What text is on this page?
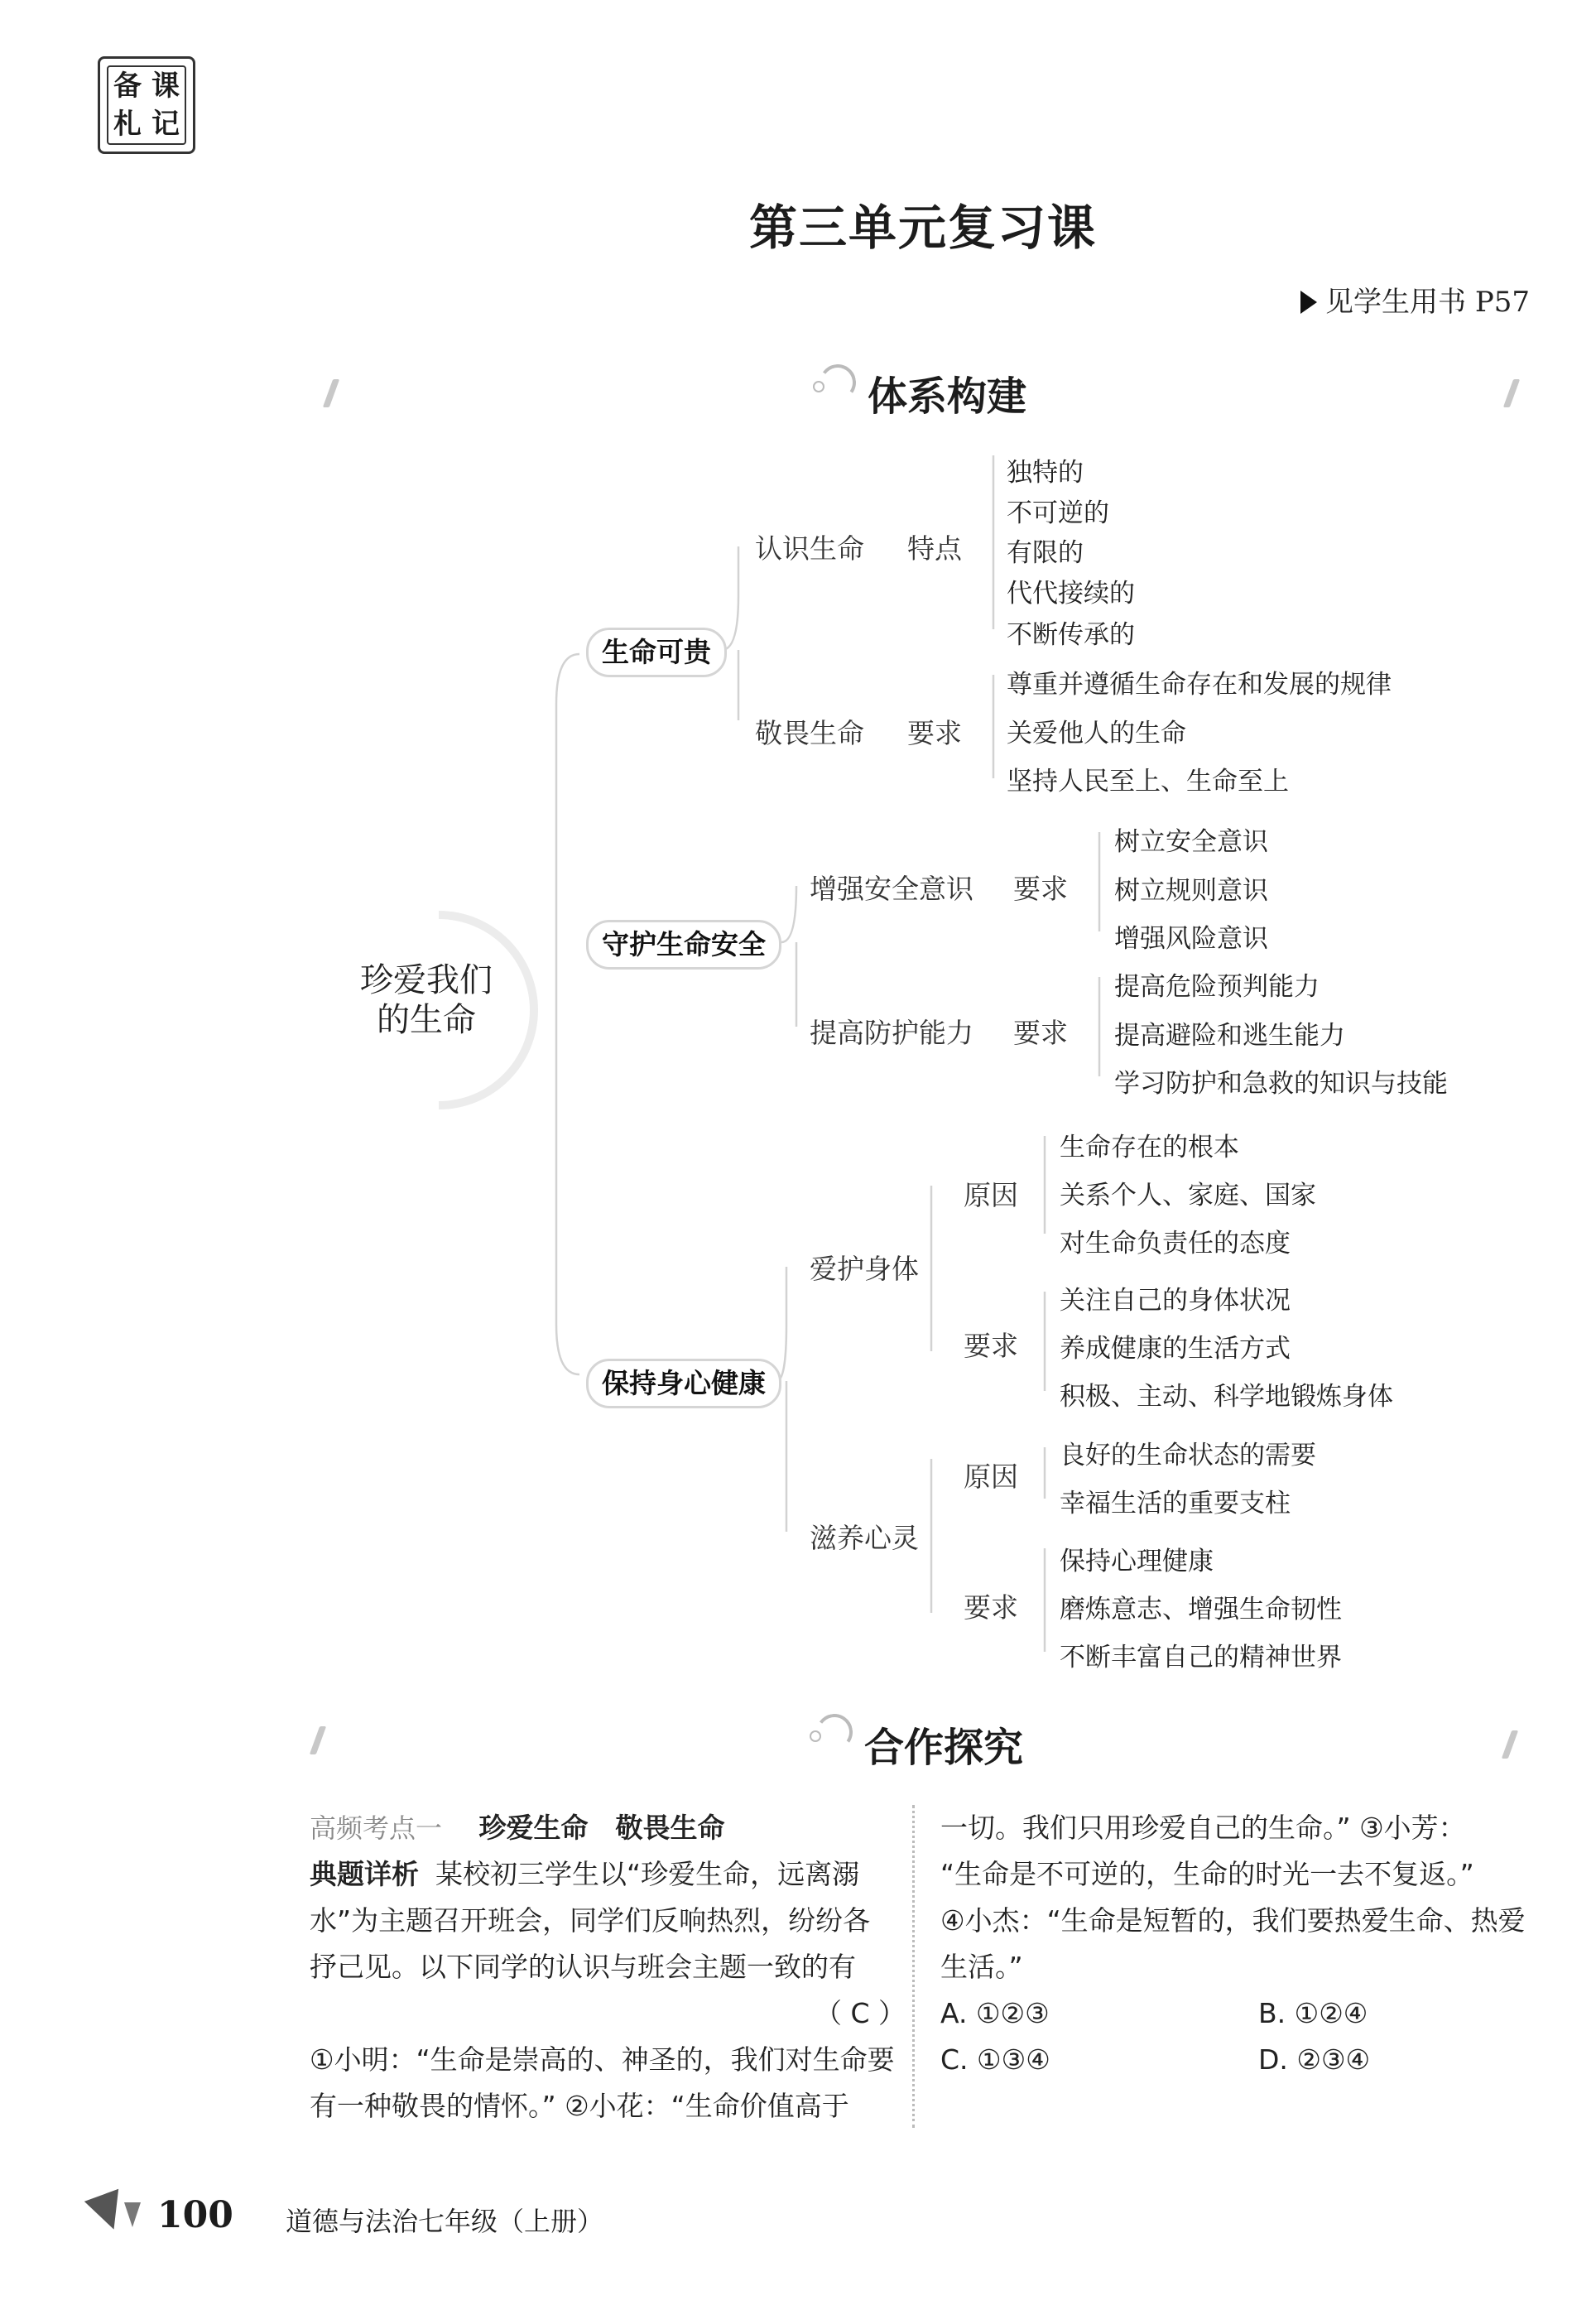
备 课
札 记
第三单元复习课
见学生用书 P57
体系构建
珍爱我们
的生命
生命可贵
认识生命 特点
独特的
不可逆的
有限的
代代接续的
不断传承的
敬畏生命 要求
尊重并遵循生命存在和发展的规律
关爱他人的生命
坚持人民至上、生命至上
守护生命安全
增强安全意识 要求
树立安全意识
树立规则意识
增强风险意识
提高防护能力 要求
提高危险预判能力
提高避险和逃生能力
学习防护和急救的知识与技能
保持身心健康
爱护身体
原因
生命存在的根本
关系个人、家庭、国家
对生命负责任的态度
要求
关注自己的身体状况
养成健康的生活方式
积极、主动、科学地锻炼身体
滋养心灵
原因
良好的生命状态的需要
幸福生活的重要支柱
要求
保持心理健康
磨炼意志、增强生命韧性
不断丰富自己的精神世界
合作探究
高频考点一 珍爱生命　敬畏生命
典题详析 某校初三学生以“珍爱生命，远离溺
水”为主题召开班会，同学们反响热烈，纷纷各
抒己见。以下同学的认识与班会主题一致的有
（ C ）
①小明：“生命是崇高的、神圣的，我们对生命要
有一种敬畏的情怀。” ②小花：“生命价值高于
一切。我们只用珍爱自己的生命。” ③小芳：
“生命是不可逆的，生命的时光一去不复返。”
④小杰：“生命是短暂的，我们要热爱生命、热爱
生活。”
A. ①②③	B. ①②④
C. ①③④	D. ②③④
100 道德与法治七年级（上册）
